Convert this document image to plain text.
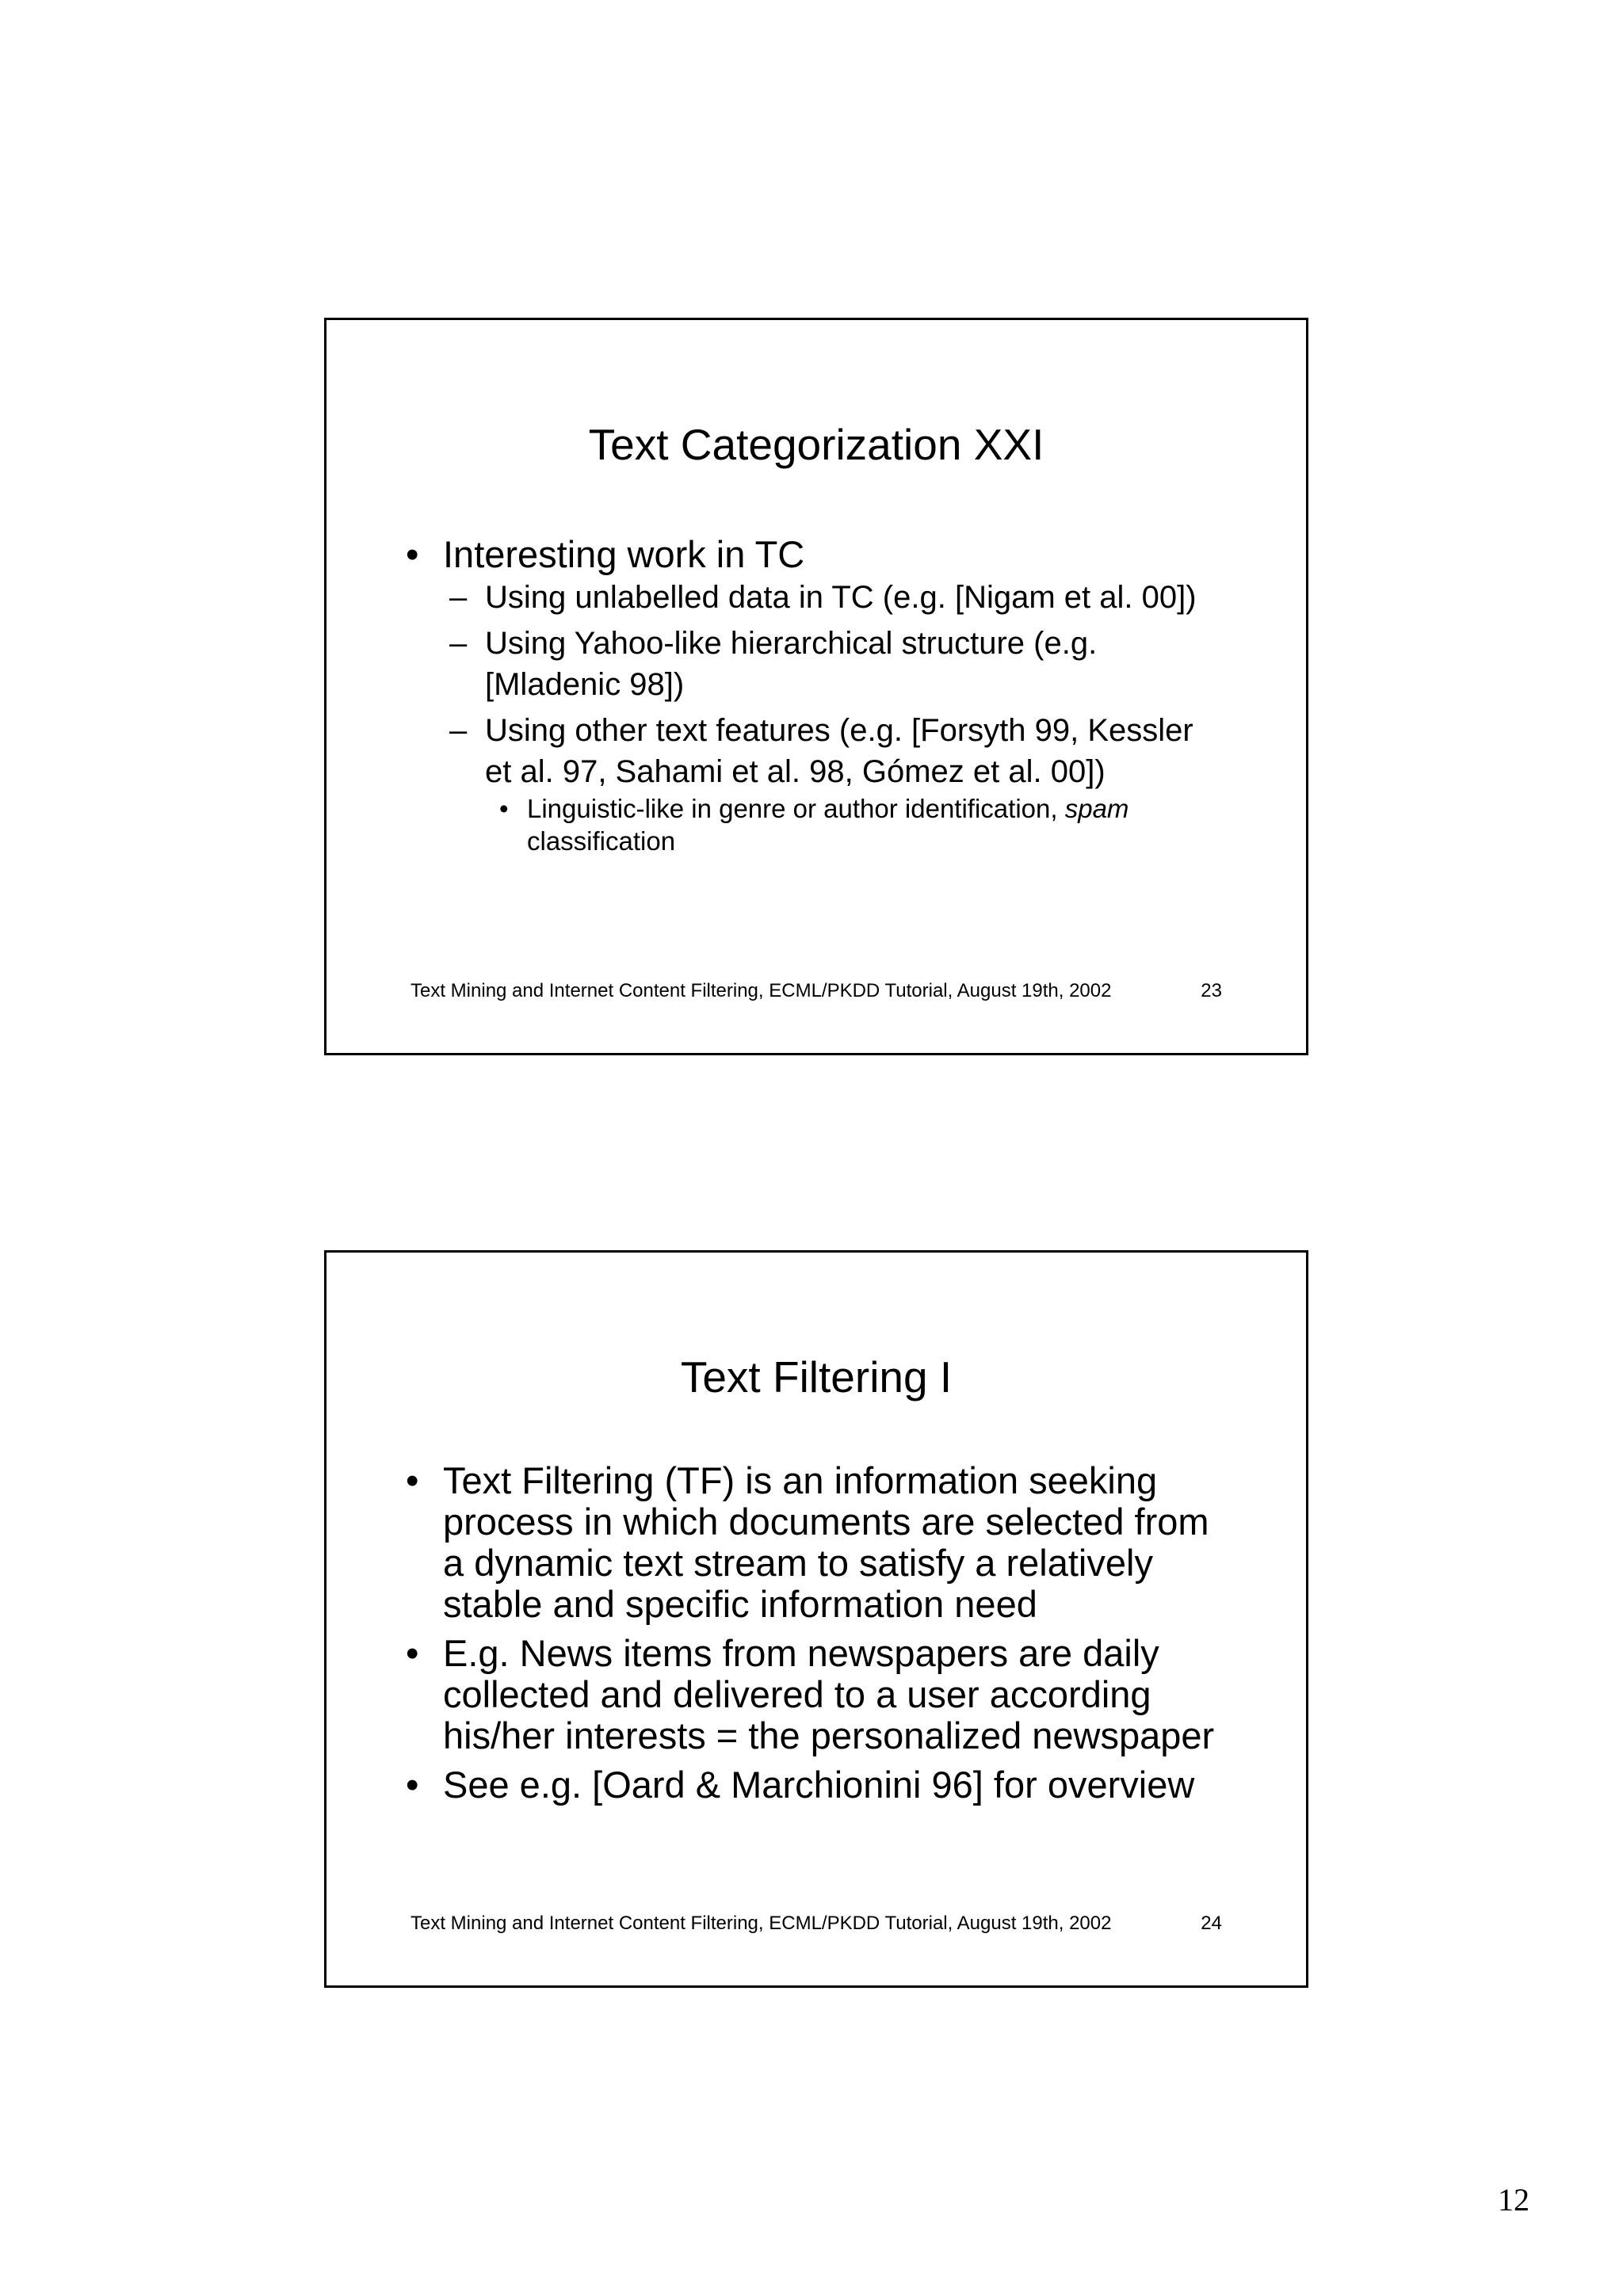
Text Categorization XXI
• Interesting work in TC
– Using unlabelled data in TC (e.g. [Nigam et al. 00])
– Using Yahoo-like hierarchical structure (e.g. [Mladenic 98])
– Using other text features (e.g. [Forsyth 99, Kessler et al. 97, Sahami et al. 98, Gómez et al. 00])
• Linguistic-like in genre or author identification, spam classification
Text Mining and Internet Content Filtering, ECML/PKDD Tutorial, August 19th, 2002	23
Text Filtering I
• Text Filtering (TF) is an information seeking process in which documents are selected from a dynamic text stream to satisfy a relatively stable and specific information need
• E.g. News items from newspapers are daily collected and delivered to a user according his/her interests = the personalized newspaper
• See e.g. [Oard & Marchionini 96] for overview
Text Mining and Internet Content Filtering, ECML/PKDD Tutorial, August 19th, 2002	24
12
